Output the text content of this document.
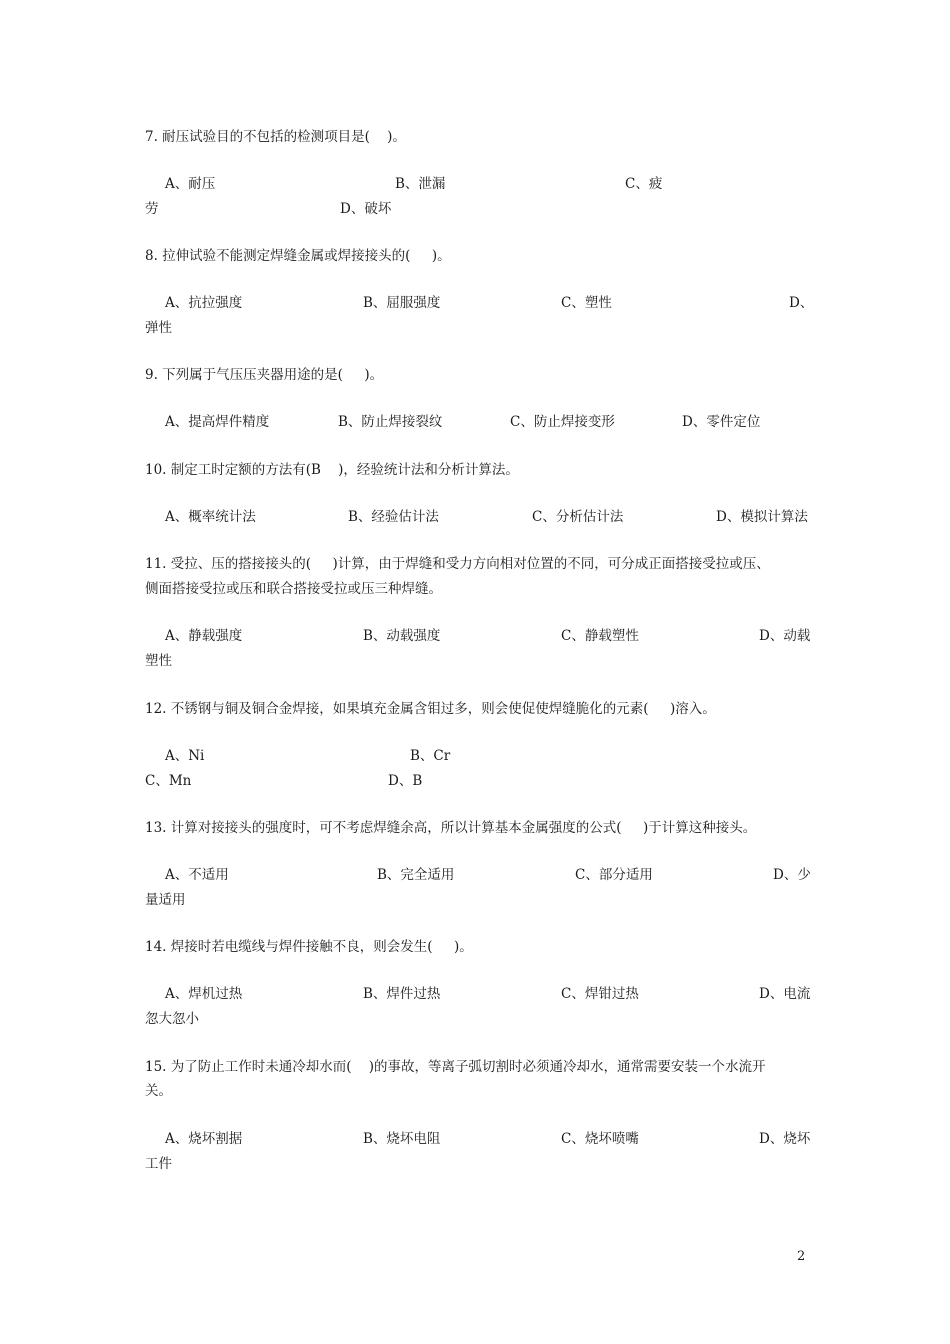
7. 耐压试验目的不包括的检测项目是(    )。
A、耐压	B、泄漏	C、疲
劳	D、破坏
8. 拉伸试验不能测定焊缝金属或焊接接头的(     )。
A、抗拉强度	B、屈服强度	C、塑性	D、
弹性
9. 下列属于气压压夹器用途的是(     )。
A、提高焊件精度	B、防止焊接裂纹	C、防止焊接变形	D、零件定位
10. 制定工时定额的方法有(B    )，经验统计法和分析计算法。
A、概率统计法	B、经验估计法	C、分析估计法	D、模拟计算法
11. 受拉、压的搭接接头的(     )计算，由于焊缝和受力方向相对位置的不同，可分成正面搭接受拉或压、
侧面搭接受拉或压和联合搭接受拉或压三种焊缝。
A、静载强度	B、动载强度	C、静载塑性	D、动载
塑性
12. 不锈钢与铜及铜合金焊接，如果填充金属含钼过多，则会使促使焊缝脆化的元素(     )溶入。
A、Ni	B、Cr
C、Mn	D、B
13. 计算对接接头的强度时，可不考虑焊缝余高，所以计算基本金属强度的公式(     )于计算这种接头。
A、不适用	B、完全适用	C、部分适用	D、少
量适用
14. 焊接时若电缆线与焊件接触不良，则会发生(     )。
A、焊机过热	B、焊件过热	C、焊钳过热	D、电流
忽大忽小
15. 为了防止工作时未通冷却水而(    )的事故，等离子弧切割时必须通冷却水，通常需要安装一个水流开
关。
A、烧坏割据	B、烧坏电阻	C、烧坏喷嘴	D、烧坏
工件
2
